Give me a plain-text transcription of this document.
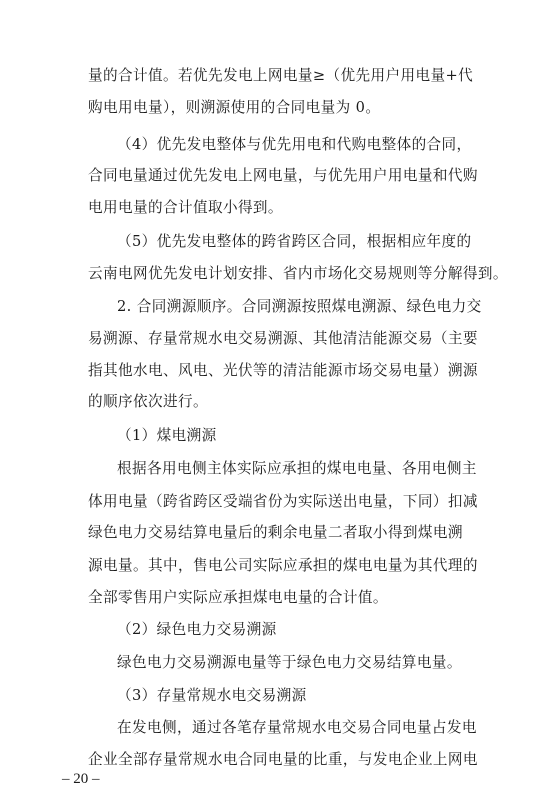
量的合计值。若优先发电上网电量≥（优先用户用电量+代
购电用电量），则溯源使用的合同电量为 0。
（4）优先发电整体与优先用电和代购电整体的合同，
合同电量通过优先发电上网电量，与优先用户用电量和代购
电用电量的合计值取小得到。
（5）优先发电整体的跨省跨区合同，根据相应年度的
云南电网优先发电计划安排、省内市场化交易规则等分解得到。
2. 合同溯源顺序。合同溯源按照煤电溯源、绿色电力交
易溯源、存量常规水电交易溯源、其他清洁能源交易（主要
指其他水电、风电、光伏等的清洁能源市场交易电量）溯源
的顺序依次进行。
（1）煤电溯源
根据各用电侧主体实际应承担的煤电电量、各用电侧主
体用电量（跨省跨区受端省份为实际送出电量，下同）扣减
绿色电力交易结算电量后的剩余电量二者取小得到煤电溯
源电量。其中，售电公司实际应承担的煤电电量为其代理的
全部零售用户实际应承担煤电电量的合计值。
（2）绿色电力交易溯源
绿色电力交易溯源电量等于绿色电力交易结算电量。
（3）存量常规水电交易溯源
在发电侧，通过各笔存量常规水电交易合同电量占发电
企业全部存量常规水电合同电量的比重，与发电企业上网电
– 20 –
